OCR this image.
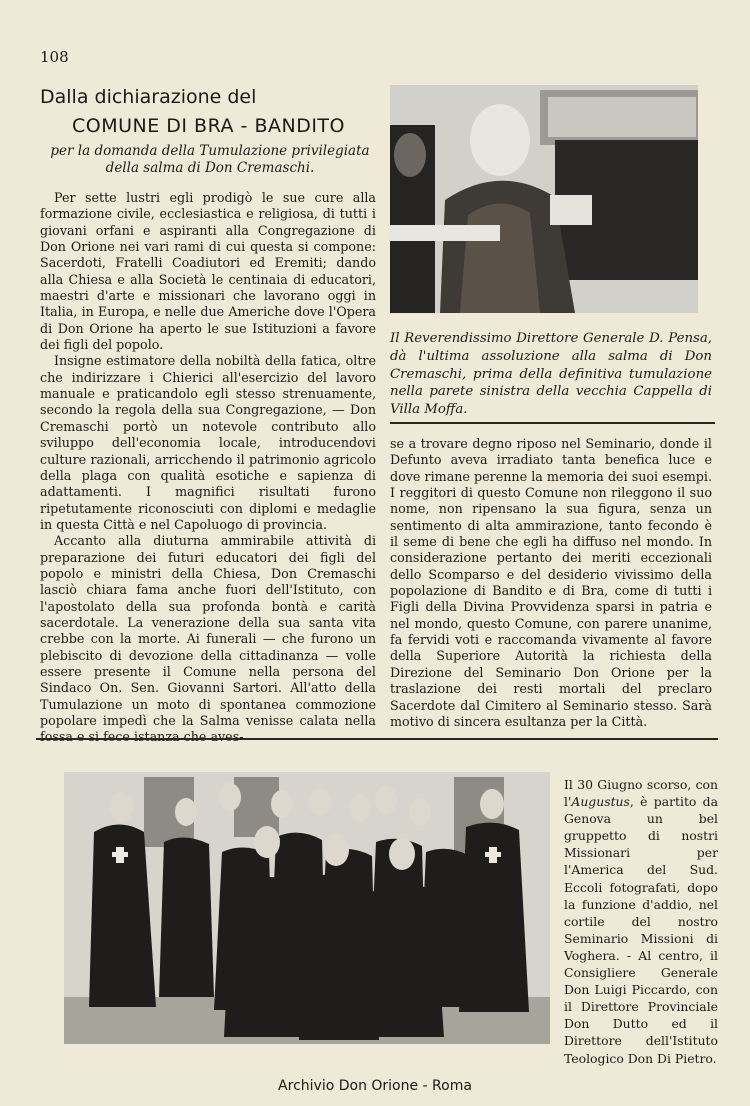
108
Dalla dichiarazione del
COMUNE DI BRA - BANDITO
per la domanda della Tumulazione privilegiata della salma di Don Cremaschi.

Per sette lustri egli prodigò le sue cure alla formazione civile, ecclesiastica e religiosa, di tutti i giovani orfani e aspiranti alla Congregazione di Don Orione nei vari rami di cui questa si compone: Sacerdoti, Fratelli Coadiutori ed Eremiti; dando alla Chiesa e alla Società le centinaia di educatori, maestri d'arte e missionari che lavorano oggi in Italia, in Europa, e nelle due Americhe dove l'Opera di Don Orione ha aperto le sue Istituzioni a favore dei figli del popolo.

Insigne estimatore della nobiltà della fatica, oltre che indirizzare i Chierici all'esercizio del lavoro manuale e praticandolo egli stesso strenuamente, secondo la regola della sua Congregazione, — Don Cremaschi portò un notevole contributo allo sviluppo dell'economia locale, introducendovi culture razionali, arricchendo il patrimonio agricolo della plaga con qualità esotiche e sapienza di adattamenti. I magnifici risultati furono ripetutamente riconosciuti con diplomi e medaglie in questa Città e nel Capoluogo di provincia.

Accanto alla diuturna ammirabile attività di preparazione dei futuri educatori dei figli del popolo e ministri della Chiesa, Don Cremaschi lasciò chiara fama anche fuori dell'Istituto, con l'apostolato della sua profonda bontà e carità sacerdotale. La venerazione della sua santa vita crebbe con la morte. Ai funerali — che furono un plebiscito di devozione della cittadinanza — volle essere presente il Comune nella persona del Sindaco On. Sen. Giovanni Sartori. All'atto della Tumulazione un moto di spontanea commozione popolare impedì che la Salma venisse calata nella fossa e si fece istanza che aves-

Il Reverendissimo Direttore Generale D. Pensa, dà l'ultima assoluzione alla salma di Don Cremaschi, prima della definitiva tumulazione nella parete sinistra della vecchia Cappella di Villa Moffa.

se a trovare degno riposo nel Seminario, donde il Defunto aveva irradiato tanta benefica luce e dove rimane perenne la memoria dei suoi esempi. I reggitori di questo Comune non rileggono il suo nome, non ripensano la sua figura, senza un sentimento di alta ammirazione, tanto fecondo è il seme di bene che egli ha diffuso nel mondo. In considerazione pertanto dei meriti eccezionali dello Scomparso e del desiderio vivissimo della popolazione di Bandito e di Bra, come di tutti i Figli della Divina Provvidenza sparsi in patria e nel mondo, questo Comune, con parere unanime, fa fervidi voti e raccomanda vivamente al favore della Superiore Autorità la richiesta della Direzione del Seminario Don Orione per la traslazione dei resti mortali del preclaro Sacerdote dal Cimitero al Seminario stesso. Sarà motivo di sincera esultanza per la Città.

Il 30 Giugno scorso, con l'Augustus, è partito da Genova un bel gruppetto di nostri Missionari per l'America del Sud. Eccoli fotografati, dopo la funzione d'addio, nel cortile del nostro Seminario Missioni di Voghera. - Al centro, il Consigliere Generale Don Luigi Piccardo, con il Direttore Provinciale Don Dutto ed il Direttore dell'Istituto Teologico Don Di Pietro.
Archivio Don Orione - Roma
